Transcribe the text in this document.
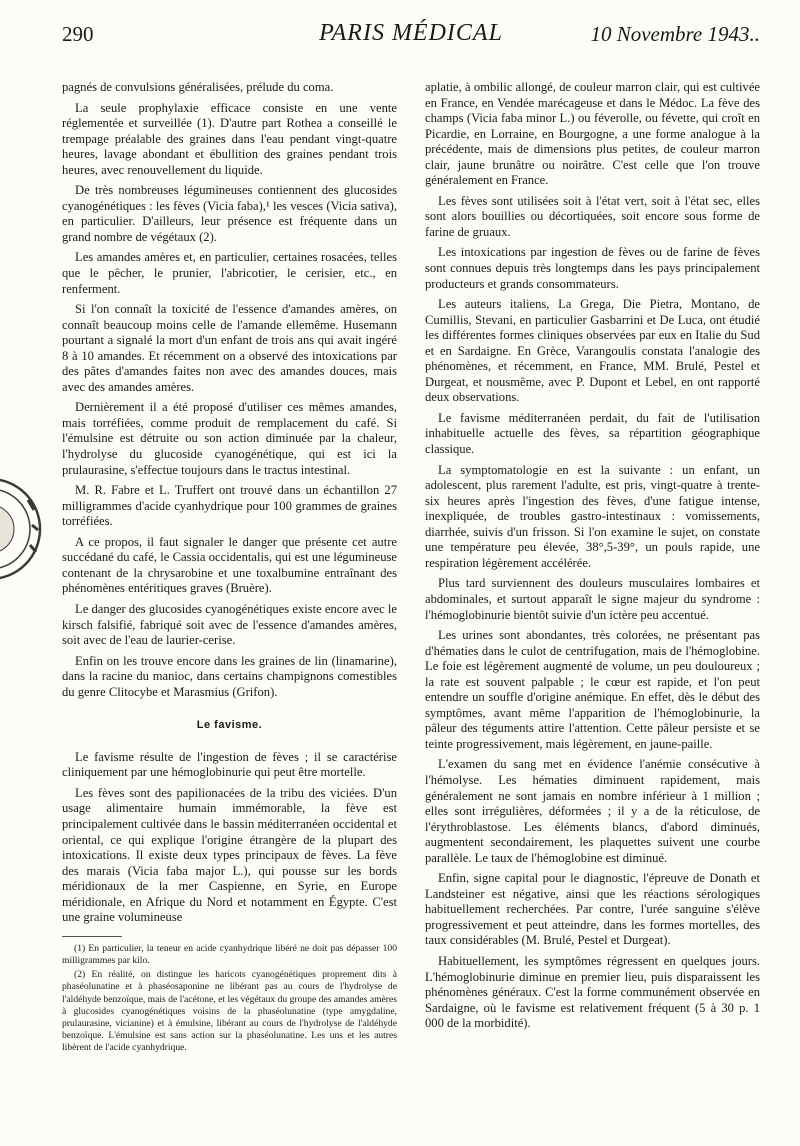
290	PARIS MÉDICAL	10 Novembre 1943..

pagnés de convulsions généralisées, prélude du coma.

La seule prophylaxie efficace consiste en une vente réglementée et surveillée (1). D'autre part Rothea a conseillé le trempage préalable des graines dans l'eau pendant vingt-quatre heures, lavage abondant et ébullition des graines pendant trois heures, avec renouvellement du liquide.

De très nombreuses légumineuses contiennent des glucosides cyanogénétiques : les fèves (Vicia faba),¹ les vesces (Vicia sativa), en particulier. D'ailleurs, leur présence est fréquente dans un grand nombre de végétaux (2).

Les amandes amères et, en particulier, certaines rosacées, telles que le pêcher, le prunier, l'abricotier, le cerisier, etc., en renferment.

Si l'on connaît la toxicité de l'essence d'amandes amères, on connaît beaucoup moins celle de l'amande ellemême. Husemann pourtant a signalé la mort d'un enfant de trois ans qui avait ingéré 8 à 10 amandes. Et récemment on a observé des intoxications par des pâtes d'amandes faites non avec des amandes douces, mais avec des amandes amères.

Dernièrement il a été proposé d'utiliser ces mêmes amandes, mais torréfiées, comme produit de remplacement du café. Si l'émulsine est détruite ou son action diminuée par la chaleur, l'hydrolyse du glucoside cyanogénétique, qui est ici la prulaurasine, s'effectue toujours dans le tractus intestinal.

M. R. Fabre et L. Truffert ont trouvé dans un échantillon 27 milligrammes d'acide cyanhydrique pour 100 grammes de graines torréfiées.

A ce propos, il faut signaler le danger que présente cet autre succédané du café, le Cassia occidentalis, qui est une légumineuse contenant de la chrysarobine et une toxalbumine entraînant des phénomènes entéritiques graves (Bruère).

Le danger des glucosides cyanogénétiques existe encore avec le kirsch falsifié, fabriqué soit avec de l'essence d'amandes amères, soit avec de l'eau de laurier-cerise.

Enfin on les trouve encore dans les graines de lin (linamarine), dans la racine du manioc, dans certains champignons comestibles du genre Clitocybe et Marasmius (Grifon).

Le favisme.

Le favisme résulte de l'ingestion de fèves ; il se caractérise cliniquement par une hémoglobinurie qui peut être mortelle.

Les fèves sont des papilionacées de la tribu des viciées. D'un usage alimentaire humain immémorable, la fève est principalement cultivée dans le bassin méditerranéen occidental et oriental, ce qui explique l'origine étrangère de la plupart des intoxications. Il existe deux types principaux de fèves. La fève des marais (Vicia faba major L.), qui pousse sur les bords méridionaux de la mer Caspienne, en Syrie, en Europe méridionale, en Afrique du Nord et notamment en Égypte. C'est une graine volumineuse

(1) En particulier, la teneur en acide cyanhydrique libéré ne doit pas dépasser 100 milligrammes par kilo.

(2) En réalité, on distingue les haricots cyanogénétiques proprement dits à phaséolunatine et à phaséosaponine ne libérant pas au cours de l'hydrolyse de l'aldéhyde benzoïque, mais de l'acétone, et les végétaux du groupe des amandes amères à glucosides cyanogénétiques voisins de la phaséolunatine (type amygdaline, prulaurasine, vicianine) et à émulsine, libérant au cours de l'hydrolyse de l'aldéhyde benzoïque. L'émulsine est sans action sur la phaséolunatine. Les uns et les autres libèrent de l'acide cyanhydrique.

aplatie, à ombilic allongé, de couleur marron clair, qui est cultivée en France, en Vendée marécageuse et dans le Médoc. La fève des champs (Vicia faba minor L.) ou féverolle, ou févette, qui croît en Picardie, en Lorraine, en Bourgogne, a une forme analogue à la précédente, mais de dimensions plus petites, de couleur marron clair, jaune brunâtre ou noirâtre. C'est celle que l'on trouve généralement en France.

Les fèves sont utilisées soit à l'état vert, soit à l'état sec, elles sont alors bouillies ou décortiquées, soit encore sous forme de farine de gruaux.

Les intoxications par ingestion de fèves ou de farine de fèves sont connues depuis très longtemps dans les pays principalement producteurs et grands consommateurs.

Les auteurs italiens, La Grega, Die Pietra, Montano, de Cumillis, Stevani, en particulier Gasbarrini et De Luca, ont étudié les différentes formes cliniques observées par eux en Italie du Sud et en Sardaigne. En Grèce, Varangoulis constata l'analogie des phénomènes, et récemment, en France, MM. Brulé, Pestel et Durgeat, et nousmême, avec P. Dupont et Lebel, en ont rapporté deux observations.

Le favisme méditerranéen perdait, du fait de l'utilisation inhabituelle actuelle des fèves, sa répartition géographique classique.

La symptomatologie en est la suivante : un enfant, un adolescent, plus rarement l'adulte, est pris, vingt-quatre à trente-six heures après l'ingestion des fèves, d'une fatigue intense, inexpliquée, de troubles gastro-intestinaux : vomissements, diarrhée, suivis d'un frisson. Si l'on examine le sujet, on constate une température peu élevée, 38°,5-39°, un pouls rapide, une respiration légèrement accélérée.

Plus tard surviennent des douleurs musculaires lombaires et abdominales, et surtout apparaît le signe majeur du syndrome : l'hémoglobinurie bientôt suivie d'un ictère peu accentué.

Les urines sont abondantes, très colorées, ne présentant pas d'hématies dans le culot de centrifugation, mais de l'hémoglobine. Le foie est légèrement augmenté de volume, un peu douloureux ; la rate est souvent palpable ; le cœur est rapide, et l'on peut entendre un souffle d'origine anémique. En effet, dès le début des symptômes, avant même l'apparition de l'hémoglobinurie, la pâleur des téguments attire l'attention. Cette pâleur persiste et se teinte progressivement, mais légèrement, en jaune-paille.

L'examen du sang met en évidence l'anémie consécutive à l'hémolyse. Les hématies diminuent rapidement, mais généralement ne sont jamais en nombre inférieur à 1 million ; elles sont irrégulières, déformées ; il y a de la réticulose, de l'érythroblastose. Les éléments blancs, d'abord diminués, augmentent secondairement, les plaquettes suivent une courbe parallèle. Le taux de l'hémoglobine est diminué.

Enfin, signe capital pour le diagnostic, l'épreuve de Donath et Landsteiner est négative, ainsi que les réactions sérologiques habituellement recherchées. Par contre, l'urée sanguine s'élève progressivement et peut atteindre, dans les formes mortelles, des taux considérables (M. Brulé, Pestel et Durgeat).

Habituellement, les symptômes régressent en quelques jours. L'hémoglobinurie diminue en premier lieu, puis disparaissent les phénomènes généraux. C'est la forme communément observée en Sardaigne, où le favisme est relativement fréquent (5 à 30 p. 1 000 de la morbidité).
